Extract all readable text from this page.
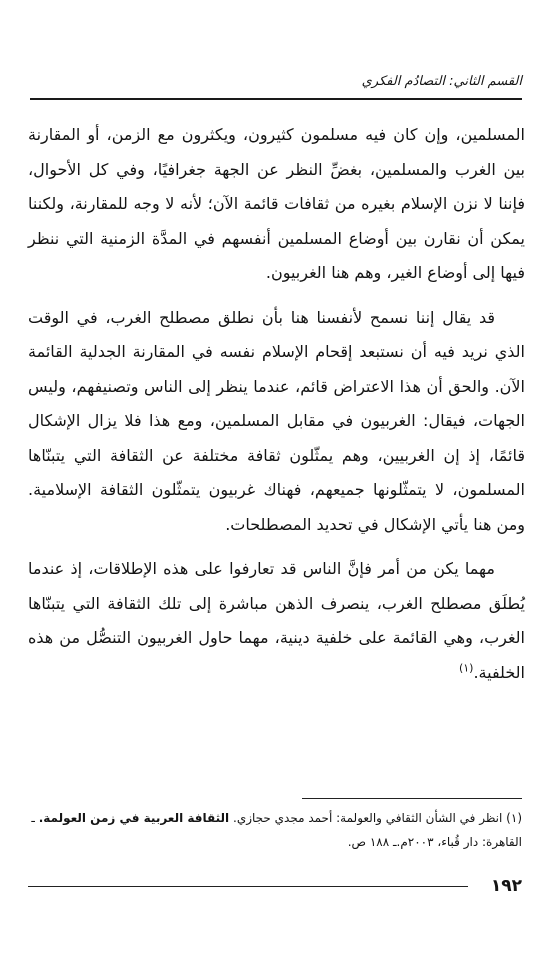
القسم الثاني: التصادُم الفكري

المسلمين، وإن كان فيه مسلمون كثيرون، ويكثرون مع الزمن، أو المقارنة بين الغرب والمسلمين، بغضِّ النظر عن الجهة جغرافيًا، وفي كل الأحوال، فإننا لا نزن الإسلام بغيره من ثقافات قائمة الآن؛ لأنه لا وجه للمقارنة، ولكننا يمكن أن نقارن بين أوضاع المسلمين أنفسهم في المدَّة الزمنية التي ننظر فيها إلى أوضاع الغير، وهم هنا الغربيون.

قد يقال إننا نسمح لأنفسنا هنا بأن نطلق مصطلح الغرب، في الوقت الذي نريد فيه أن نستبعد إقحام الإسلام نفسه في المقارنة الجدلية القائمة الآن. والحق أن هذا الاعتراض قائم، عندما ينظر إلى الناس وتصنيفهم، وليس الجهات، فيقال: الغربيون في مقابل المسلمين، ومع هذا فلا يزال الإشكال قائمًا، إذ إن الغربيين، وهم يمثّلون ثقافة مختلفة عن الثقافة التي يتبنّاها المسلمون، لا يتمثّلونها جميعهم، فهناك غربيون يتمثّلون الثقافة الإسلامية. ومن هنا يأتي الإشكال في تحديد المصطلحات.

مهما يكن من أمر فإنَّ الناس قد تعارفوا على هذه الإطلاقات، إذ عندما يُطلَق مصطلح الغرب، ينصرف الذهن مباشرة إلى تلك الثقافة التي يتبنّاها الغرب، وهي القائمة على خلفية دينية، مهما حاول الغربيون التنصُّل من هذه الخلفية.$^{(١)}$

(١) انظر في الشأن الثقافي والعولمة: أحمد مجدي حجازي. الثقافة العربية في زمن العولمة. ـ
القاهرة: دار قُباء، ٢٠٠٣م.ـ ١٨٨ ص.
١٩٢
